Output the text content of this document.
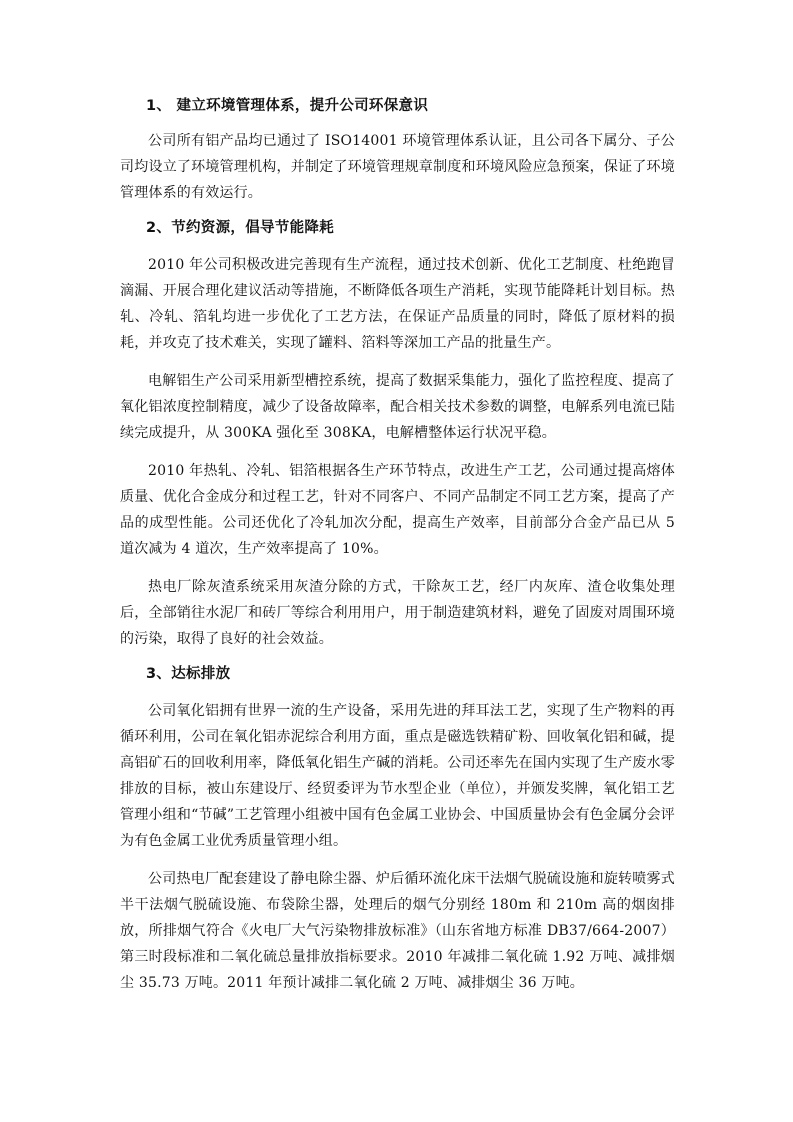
1、 建立环境管理体系，提升公司环保意识

公司所有铝产品均已通过了 ISO14001 环境管理体系认证，且公司各下属分、子公司均设立了环境管理机构，并制定了环境管理规章制度和环境风险应急预案，保证了环境管理体系的有效运行。

2、节约资源，倡导节能降耗

2010 年公司积极改进完善现有生产流程，通过技术创新、优化工艺制度、杜绝跑冒滴漏、开展合理化建议活动等措施，不断降低各项生产消耗，实现节能降耗计划目标。热轧、冷轧、箔轧均进一步优化了工艺方法，在保证产品质量的同时，降低了原材料的损耗，并攻克了技术难关，实现了罐料、箔料等深加工产品的批量生产。

电解铝生产公司采用新型槽控系统，提高了数据采集能力，强化了监控程度、提高了氧化铝浓度控制精度，减少了设备故障率，配合相关技术参数的调整，电解系列电流已陆续完成提升，从 300KA 强化至 308KA，电解槽整体运行状况平稳。

2010 年热轧、冷轧、铝箔根据各生产环节特点，改进生产工艺，公司通过提高熔体质量、优化合金成分和过程工艺，针对不同客户、不同产品制定不同工艺方案，提高了产品的成型性能。公司还优化了冷轧加次分配，提高生产效率，目前部分合金产品已从 5 道次减为 4 道次，生产效率提高了 10%。

热电厂除灰渣系统采用灰渣分除的方式，干除灰工艺，经厂内灰库、渣仓收集处理后，全部销往水泥厂和砖厂等综合利用用户，用于制造建筑材料，避免了固废对周围环境的污染，取得了良好的社会效益。

3、达标排放

公司氧化铝拥有世界一流的生产设备，采用先进的拜耳法工艺，实现了生产物料的再循环利用，公司在氧化铝赤泥综合利用方面，重点是磁选铁精矿粉、回收氧化铝和碱，提高铝矿石的回收利用率，降低氧化铝生产碱的消耗。公司还率先在国内实现了生产废水零排放的目标，被山东建设厅、经贸委评为节水型企业（单位），并颁发奖牌，氧化铝工艺管理小组和“节碱”工艺管理小组被中国有色金属工业协会、中国质量协会有色金属分会评为有色金属工业优秀质量管理小组。

公司热电厂配套建设了静电除尘器、炉后循环流化床干法烟气脱硫设施和旋转喷雾式半干法烟气脱硫设施、布袋除尘器，处理后的烟气分别经 180m 和 210m 高的烟囱排放，所排烟气符合《火电厂大气污染物排放标准》（山东省地方标准 DB37/664-2007）第三时段标准和二氧化硫总量排放指标要求。2010 年减排二氧化硫 1.92 万吨、减排烟尘 35.73 万吨。2011 年预计减排二氧化硫 2 万吨、减排烟尘 36 万吨。
